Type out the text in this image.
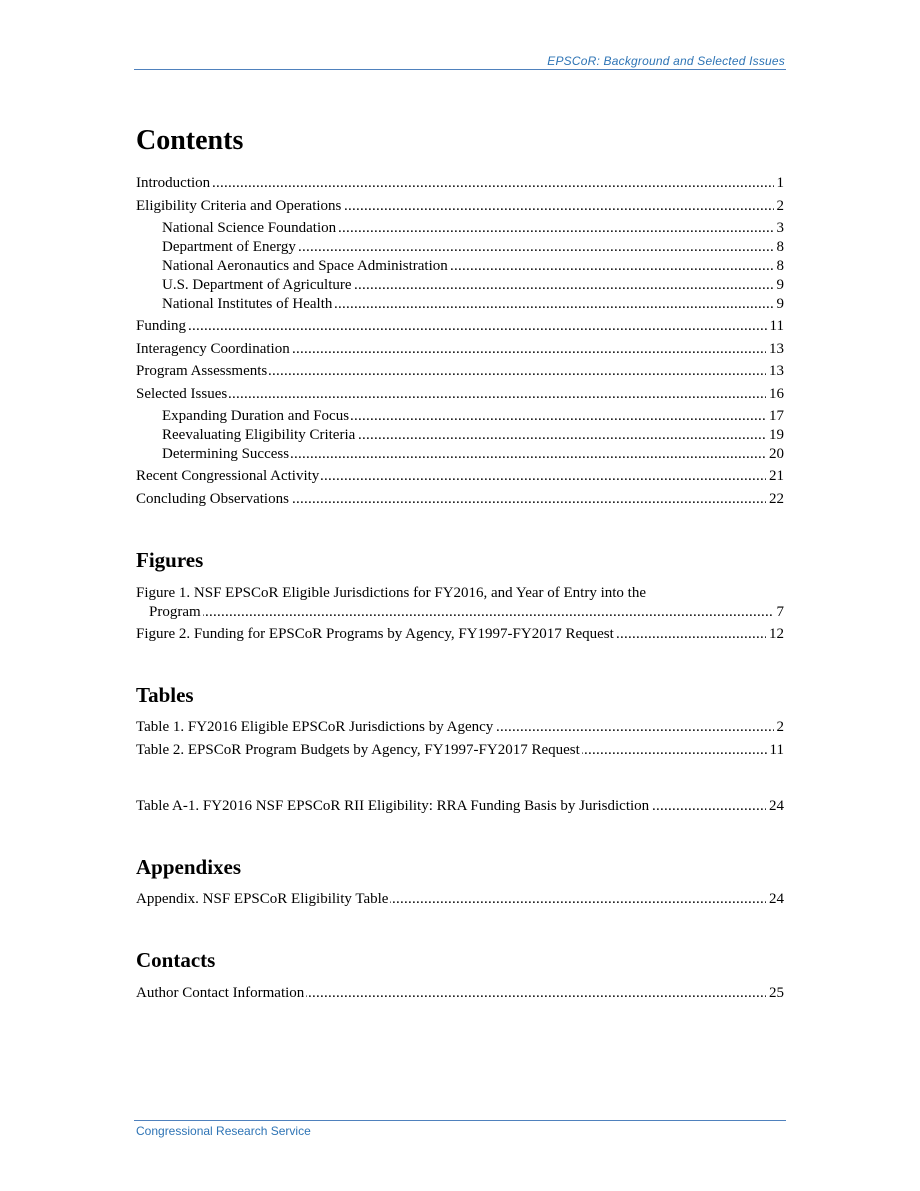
EPSCoR: Background and Selected Issues
Contents
. . .
Introduction	1
. . .
Eligibility Criteria and Operations	2
. . .
National Science Foundation	3
. . .
Department of Energy	8
. . .
National Aeronautics and Space Administration	8
. . .
U.S. Department of Agriculture	9
. . .
National Institutes of Health	9
. . .
Funding	11
. . .
Interagency Coordination	13
. . .
Program Assessments	13
. . .
Selected Issues	16
. . .
Expanding Duration and Focus	17
. . .
Reevaluating Eligibility Criteria	19
. . .
Determining Success	20
. . .
Recent Congressional Activity	21
. . .
Concluding Observations	22
Figures
Figure 1. NSF EPSCoR Eligible Jurisdictions for FY2016, and Year of Entry into the
. . .
Program	7
. . .
Figure 2. Funding for EPSCoR Programs by Agency, FY1997-FY2017 Request	12
Tables
. . .
Table 1. FY2016 Eligible EPSCoR Jurisdictions by Agency	2
. . .
Table 2. EPSCoR Program Budgets by Agency, FY1997-FY2017 Request	11
. . .
Table A-1. FY2016 NSF EPSCoR RII Eligibility: RRA Funding Basis by Jurisdiction	24
Appendixes
. . .
Appendix. NSF EPSCoR Eligibility Table	24
Contacts
. . .
Author Contact Information	25
Congressional Research Service
